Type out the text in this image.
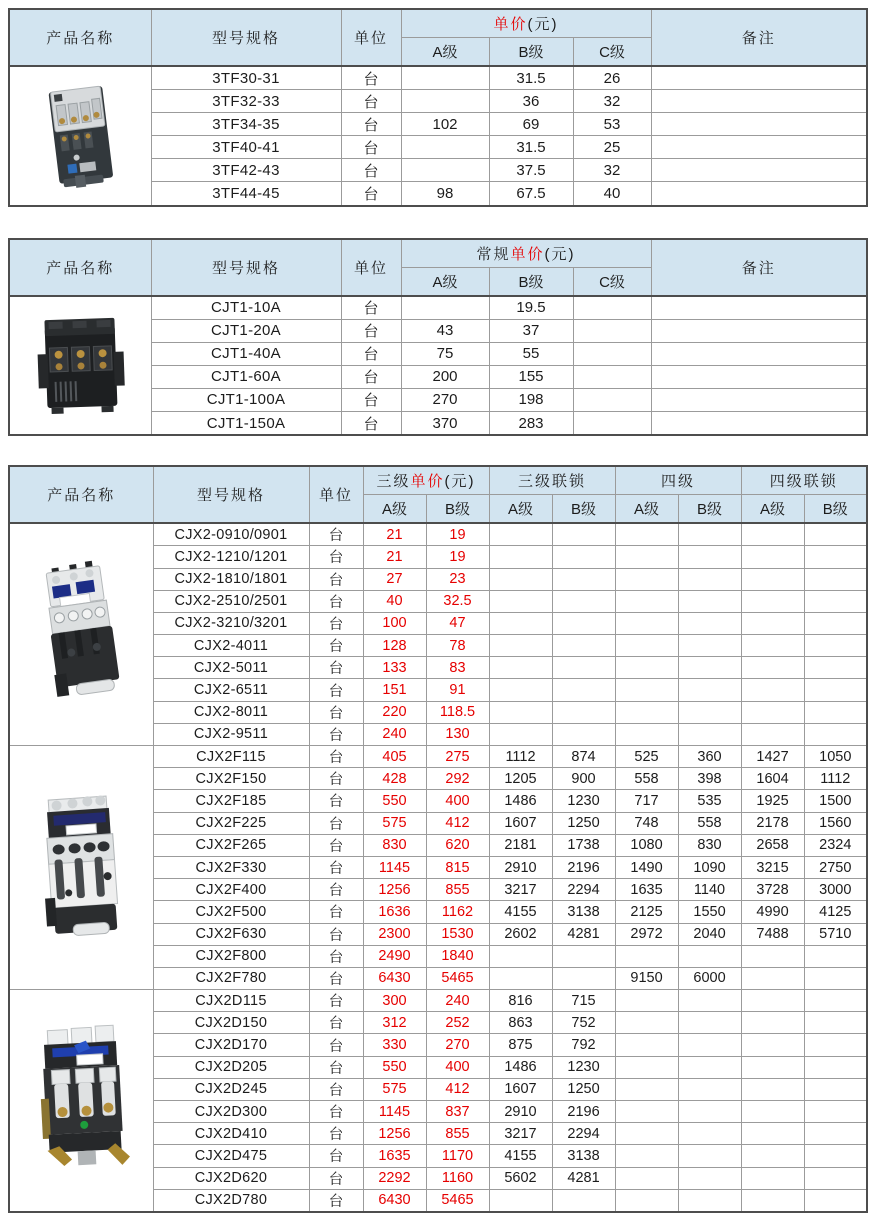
产品名称	型号规格	单位	单价(元)			备注
			A级	B级	C级	

	3TF30-31	台		31.5	26	
	3TF32-33	台		36	32	
	3TF34-35	台	102	69	53	
	3TF40-41	台		31.5	25	
	3TF42-43	台		37.5	32	
	3TF44-45	台	98	67.5	40	
产品名称	型号规格	单位	常规单价(元)			备注
			A级	B级	C级	

	CJT1-10A	台		19.5		
	CJT1-20A	台	43	37		
	CJT1-40A	台	75	55		
	CJT1-60A	台	200	155		
	CJT1-100A	台	270	198		
	CJT1-150A	台	370	283		
产品名称	型号规格	单位	三级单价(元)		三级联锁		四级		四级联锁	
			A级	B级	A级	B级	A级	B级	A级	B级

	CJX2-0910/0901	台	21	19						
	CJX2-1210/1201	台	21	19						
	CJX2-1810/1801	台	27	23						
	CJX2-2510/2501	台	40	32.5						
	CJX2-3210/3201	台	100	47						
	CJX2-4011	台	128	78						
	CJX2-5011	台	133	83						
	CJX2-6511	台	151	91						
	CJX2-8011	台	220	118.5						
	CJX2-9511	台	240	130						

	CJX2F115	台	405	275	1112	874	525	360	1427	1050
	CJX2F150	台	428	292	1205	900	558	398	1604	1112
	CJX2F185	台	550	400	1486	1230	717	535	1925	1500
	CJX2F225	台	575	412	1607	1250	748	558	2178	1560
	CJX2F265	台	830	620	2181	1738	1080	830	2658	2324
	CJX2F330	台	1145	815	2910	2196	1490	1090	3215	2750
	CJX2F400	台	1256	855	3217	2294	1635	1140	3728	3000
	CJX2F500	台	1636	1162	4155	3138	2125	1550	4990	4125
	CJX2F630	台	2300	1530	2602	4281	2972	2040	7488	5710
	CJX2F800	台	2490	1840						
	CJX2F780	台	6430	5465			9150	6000		

	CJX2D115	台	300	240	816	715				
	CJX2D150	台	312	252	863	752				
	CJX2D170	台	330	270	875	792				
	CJX2D205	台	550	400	1486	1230				
	CJX2D245	台	575	412	1607	1250				
	CJX2D300	台	1145	837	2910	2196				
	CJX2D410	台	1256	855	3217	2294				
	CJX2D475	台	1635	1170	4155	3138				
	CJX2D620	台	2292	1160	5602	4281				
	CJX2D780	台	6430	5465						
